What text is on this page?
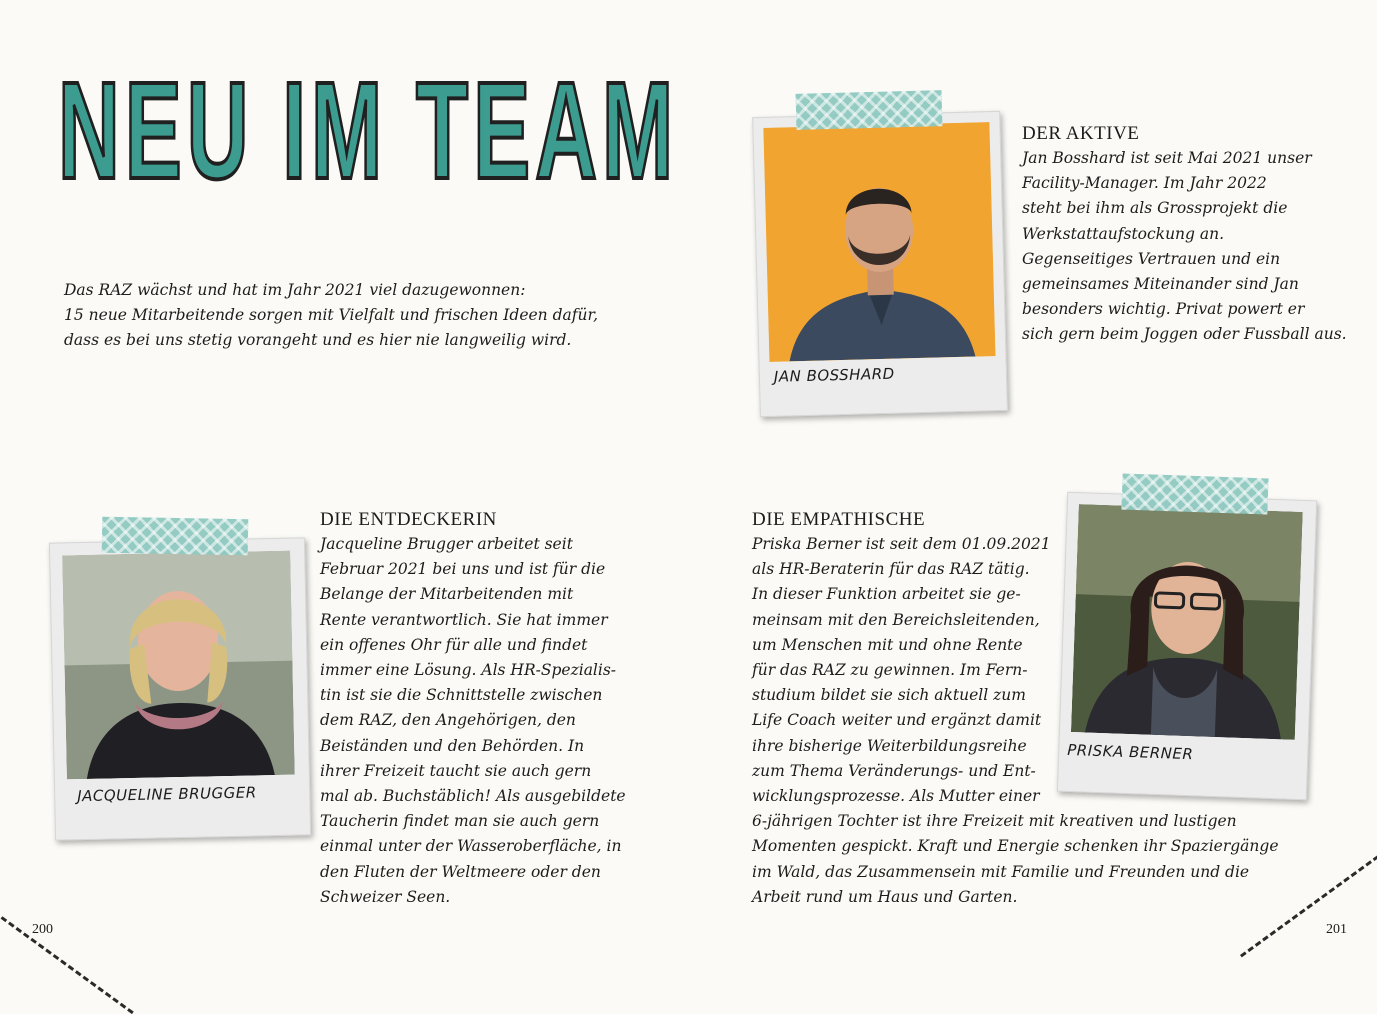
NEU IM TEAM
Das RAZ wächst und hat im Jahr 2021 viel dazugewonnen:
15 neue Mitarbeitende sorgen mit Vielfalt und frischen Ideen dafür,
dass es bei uns stetig vorangeht und es hier nie langweilig wird.
JAN BOSSHARD
DER AKTIVE
Jan Bosshard ist seit Mai 2021 unser
Facility-Manager. Im Jahr 2022
steht bei ihm als Grossprojekt die
Werkstattaufstockung an.
Gegenseitiges Vertrauen und ein
gemeinsames Miteinander sind Jan
besonders wichtig. Privat powert er
sich gern beim Joggen oder Fussball aus.
JACQUELINE BRUGGER
DIE ENTDECKERIN
Jacqueline Brugger arbeitet seit
Februar 2021 bei uns und ist für die
Belange der Mitarbeitenden mit
Rente verantwortlich. Sie hat immer
ein offenes Ohr für alle und findet
immer eine Lösung. Als HR-Spezialis-
tin ist sie die Schnittstelle zwischen
dem RAZ, den Angehörigen, den
Beiständen und den Behörden. In
ihrer Freizeit taucht sie auch gern
mal ab. Buchstäblich! Als ausgebildete
Taucherin findet man sie auch gern
einmal unter der Wasseroberfläche, in
den Fluten der Weltmeere oder den
Schweizer Seen.
PRISKA BERNER
DIE EMPATHISCHE
Priska Berner ist seit dem 01.09.2021
als HR-Beraterin für das RAZ tätig.
In dieser Funktion arbeitet sie ge-
meinsam mit den Bereichsleitenden,
um Menschen mit und ohne Rente
für das RAZ zu gewinnen. Im Fern-
studium bildet sie sich aktuell zum
Life Coach weiter und ergänzt damit
ihre bisherige Weiterbildungsreihe
zum Thema Veränderungs- und Ent-
wicklungsprozesse. Als Mutter einer
6-jährigen Tochter ist ihre Freizeit mit kreativen und lustigen
Momenten gespickt. Kraft und Energie schenken ihr Spaziergänge
im Wald, das Zusammensein mit Familie und Freunden und die
Arbeit rund um Haus und Garten.
200	201
